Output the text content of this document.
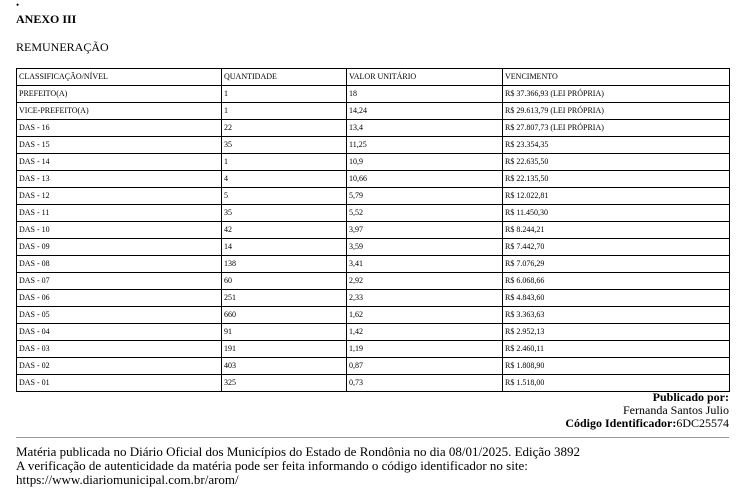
•
ANEXO III
REMUNERAÇÃO
CLASSIFICAÇÃO/NÍVEL	QUANTIDADE	VALOR UNITÁRIO	VENCIMENTO
PREFEITO(A)	1	18	R$ 37.366,93 (LEI PRÓPRIA)
VICE-PREFEITO(A)	1	14,24	R$ 29.613,79 (LEI PRÓPRIA)
DAS - 16	22	13,4	R$ 27.807,73 (LEI PRÓPRIA)
DAS - 15	35	11,25	R$ 23.354,35
DAS - 14	1	10,9	R$ 22.635,50
DAS - 13	4	10,66	R$ 22.135,50
DAS - 12	5	5,79	R$ 12.022,81
DAS - 11	35	5,52	R$ 11.450,30
DAS - 10	42	3,97	R$ 8.244,21
DAS - 09	14	3,59	R$ 7.442,70
DAS - 08	138	3,41	R$ 7.076,29
DAS - 07	60	2,92	R$ 6.068,66
DAS - 06	251	2,33	R$ 4.843,60
DAS - 05	660	1,62	R$ 3.363,63
DAS - 04	91	1,42	R$ 2.952,13
DAS - 03	191	1,19	R$ 2.460,11
DAS - 02	403	0,87	R$ 1.808,90
DAS - 01	325	0,73	R$ 1.518,00
Publicado por:
Fernanda Santos Julio
Código Identificador:6DC25574
Matéria publicada no Diário Oficial dos Municípios do Estado de Rondônia no dia 08/01/2025. Edição 3892
A verificação de autenticidade da matéria pode ser feita informando o código identificador no site:
https://www.diariomunicipal.com.br/arom/
